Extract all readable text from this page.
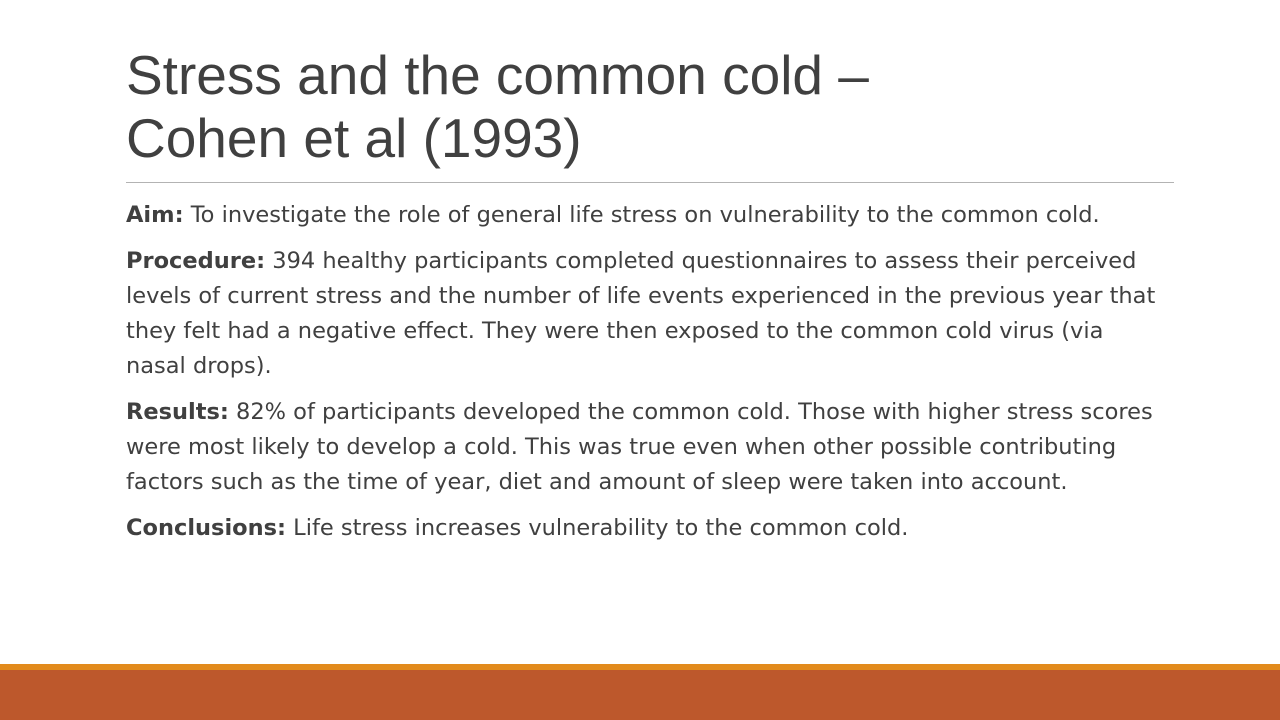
Stress and the common cold –
Cohen et al (1993)

Aim: To investigate the role of general life stress on vulnerability to the common cold.

Procedure: 394 healthy participants completed questionnaires to assess their perceived levels of current stress and the number of life events experienced in the previous year that they felt had a negative effect. They were then exposed to the common cold virus (via nasal drops).

Results: 82% of participants developed the common cold. Those with higher stress scores were most likely to develop a cold. This was true even when other possible contributing factors such as the time of year, diet and amount of sleep were taken into account.

Conclusions: Life stress increases vulnerability to the common cold.
